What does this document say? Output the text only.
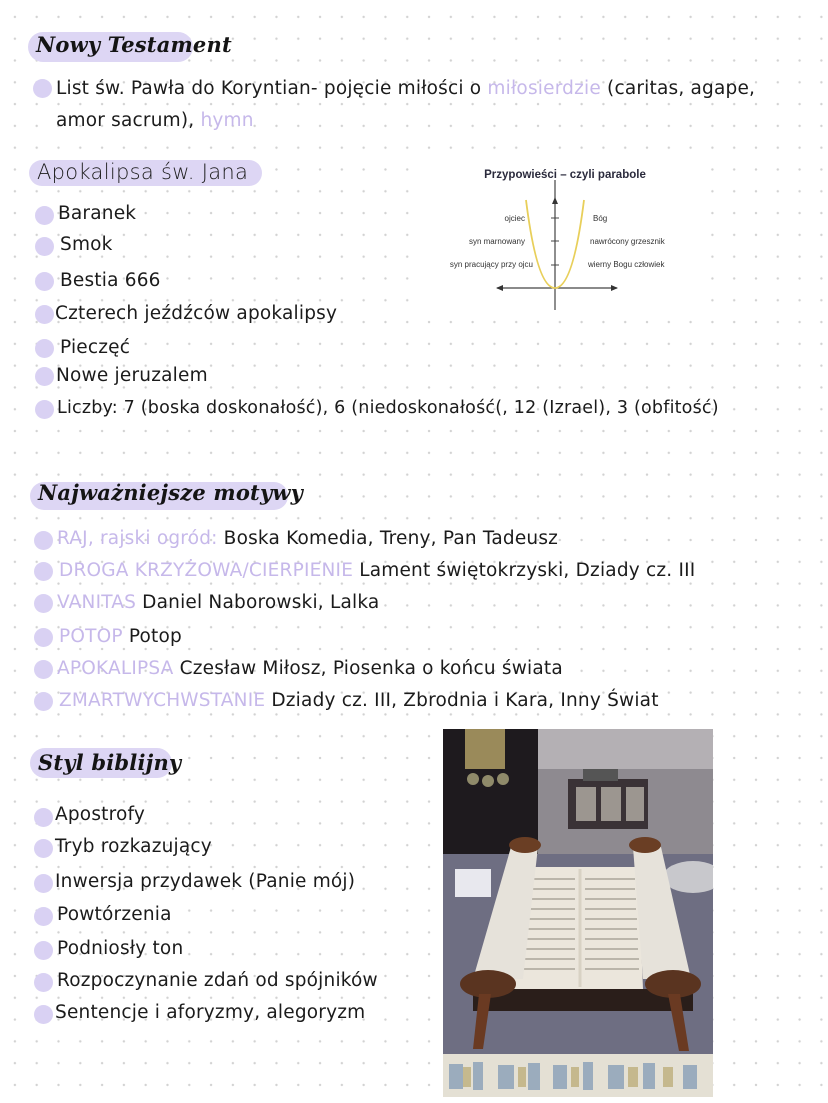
Nowy Testament
List św. Pawła do Koryntian- pojęcie miłości o miłosierdzie (caritas, agape,
amor sacrum), hymn
Apokalipsa św. Jana
Baranek
Smok
Bestia 666
Czterech jeźdźców apokalipsy
Pieczęć
Nowe jeruzalem
Liczby: 7 (boska doskonałość), 6 (niedoskonałość(, 12 (Izrael), 3 (obfitość)
Przypowieści – czyli parabole
ojciec
syn marnowany
syn pracujący przy ojcu
Bóg
nawrócony grzesznik
wierny Bogu człowiek
Najważniejsze motywy
RAJ, rajski ogród: Boska Komedia, Treny, Pan Tadeusz
DROGA KRZYŻOWA/CIERPIENIE Lament świętokrzyski, Dziady cz. III
VANITAS Daniel Naborowski, Lalka
POTOP Potop
APOKALIPSA Czesław Miłosz, Piosenka o końcu świata
ZMARTWYCHWSTANIE Dziady cz. III, Zbrodnia i Kara, Inny Świat
Styl biblijny
Apostrofy
Tryb rozkazujący
Inwersja przydawek (Panie mój)
Powtórzenia
Podniosły ton
Rozpoczynanie zdań od spójników
Sentencje i aforyzmy, alegoryzm
